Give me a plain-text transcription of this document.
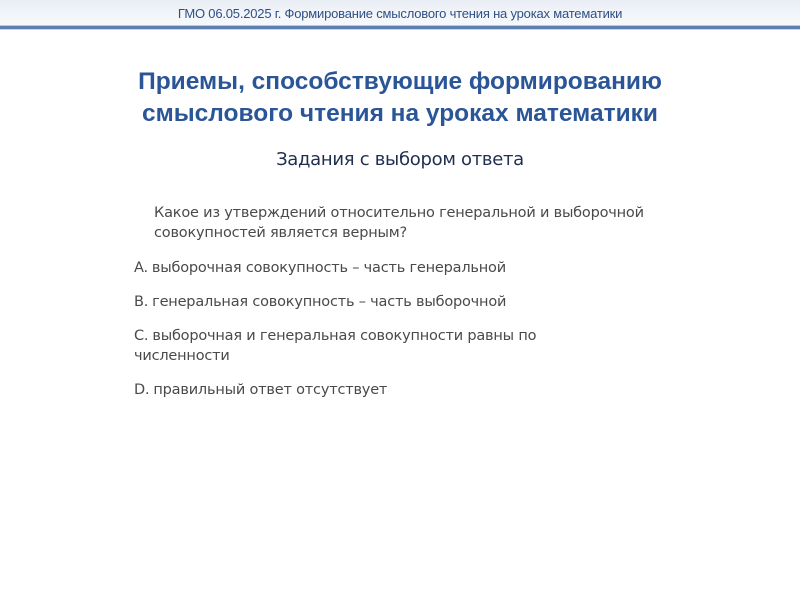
ГМО 06.05.2025 г. Формирование смыслового чтения на уроках математики
Приемы, способствующие формированию
смыслового чтения на уроках математики
Задания с выбором ответа
Какое из утверждений относительно генеральной и выборочной совокупностей является верным?
A. выборочная совокупность – часть генеральной
B. генеральная совокупность – часть выборочной
C. выборочная и генеральная совокупности равны по численности
D. правильный ответ отсутствует
